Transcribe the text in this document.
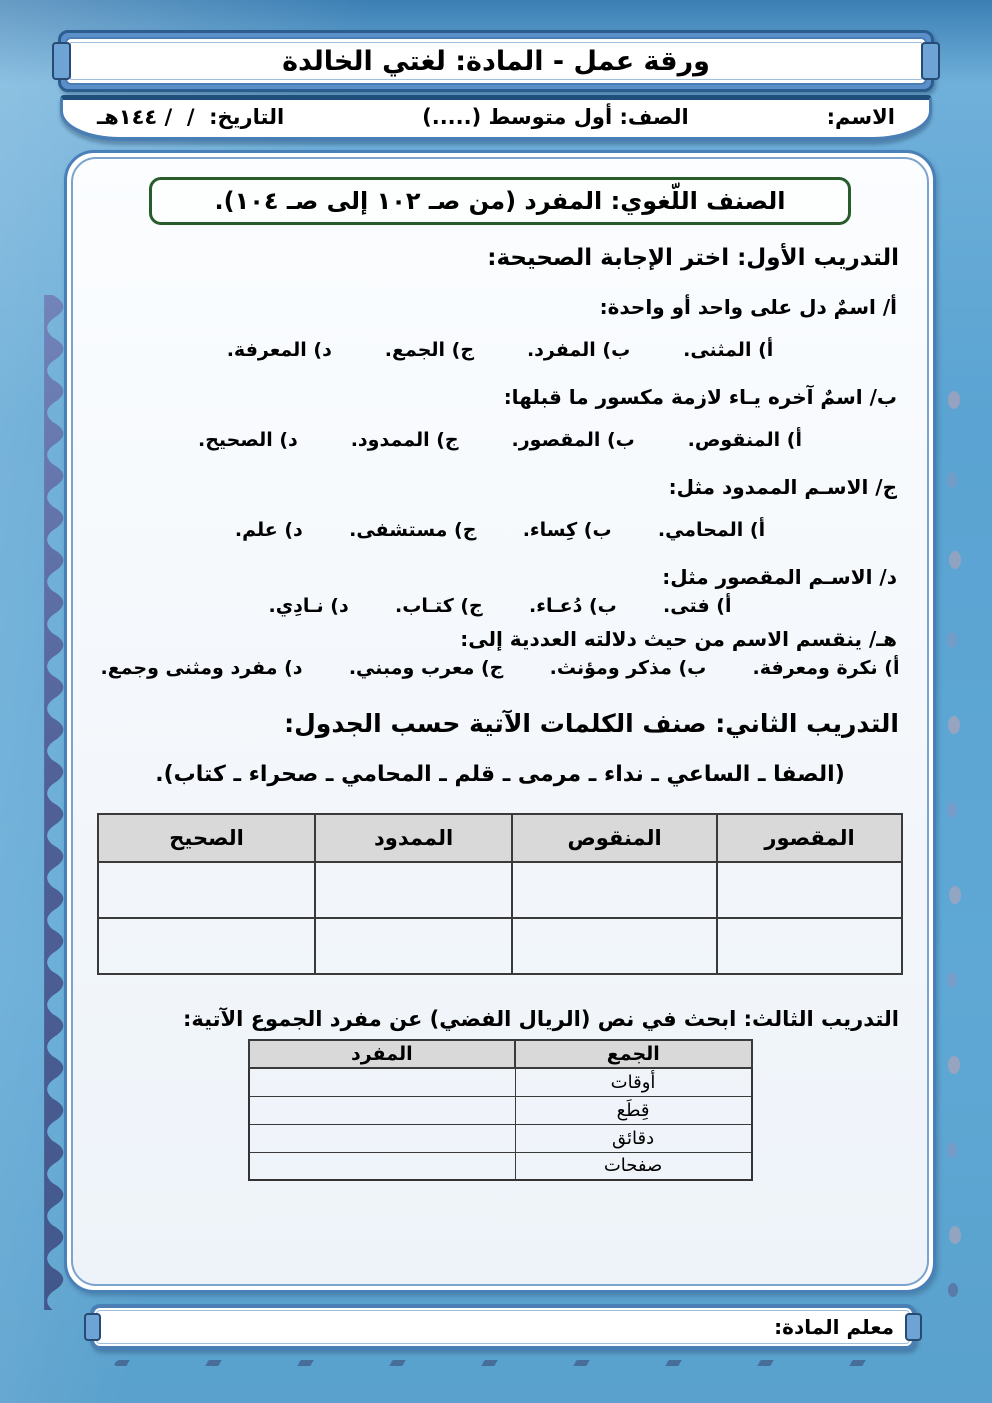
ورقة عمل - المادة: لغتي الخالدة
الاسم:
الصف: أول متوسط (.....)
التاريخ:  /  / ١٤٤هـ
الصنف اللّغوي: المفرد (من صـ ١٠٢ إلى صـ ١٠٤).
التدريب الأول: اختر الإجابة الصحيحة:
أ/ اسمٌ دل على واحد أو واحدة:
أ) المثنى.        ب) المفرد.        ج) الجمع.        د) المعرفة.
ب/ اسمٌ آخره يـاء لازمة مكسور ما قبلها:
أ) المنقوص.        ب) المقصور.        ج) الممدود.        د) الصحيح.
ج/ الاسـم الممدود مثل:
أ) المحامي.       ب) كِساء.       ج) مستشفى.       د) علم.
د/ الاسـم المقصور مثل:
أ) فتى.       ب) دُعـاء.       ج) كتـاب.       د) نـادِي.
هـ/ ينقسم الاسم من حيث دلالته العددية إلى:
أ) نكرة ومعرفة.       ب) مذكر ومؤنث.       ج) معرب ومبني.       د) مفرد ومثنى وجمع.
التدريب الثاني: صنف الكلمات الآتية حسب الجدول:
(الصفا ـ الساعي ـ نداء ـ مرمى ـ قلم ـ المحامي ـ صحراء ـ كتاب).
المقصور	المنقوص	الممدود	الصحيح

التدريب الثالث: ابحث في نص (الريال الفضي) عن مفرد الجموع الآتية:
الجمع	المفرد
أوقات	
قِطَع	
دقائق	
صفحات	
معلم المادة:
